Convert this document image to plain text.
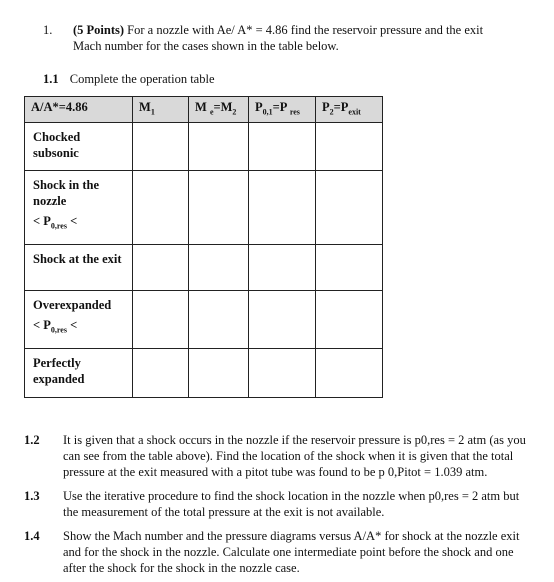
1. (5 Points) For a nozzle with Ae/ A* = 4.86 find the reservoir pressure and the exit
Mach number for the cases shown in the table below.
1.1 Complete the operation table
A/A*=4.86	$M_1$	M $_e=M_2$	$P_{0,1}=P$ $_{res}$	$P_2=P_{exit}$
Chocked
subsonic				
Shock in the
nozzle
< $P_{0,res}$ <				
Shock at the exit				
Overexpanded
< $P_{0,res}$ <				
Perfectly
expanded				
1.2 It is given that a shock occurs in the nozzle if the reservoir pressure is p0,res = 2 atm (as you
can see from the table above). Find the location of the shock when it is given that the total
pressure at the exit measured with a pitot tube was found to be p 0,Pitot = 1.039 atm.
1.3 Use the iterative procedure to find the shock location in the nozzle when p0,res = 2 atm but
the measurement of the total pressure at the exit is not available.
1.4 Show the Mach number and the pressure diagrams versus A/A* for shock at the nozzle exit
and for the shock in the nozzle. Calculate one intermediate point before the shock and one
after the shock for the shock in the nozzle case.
